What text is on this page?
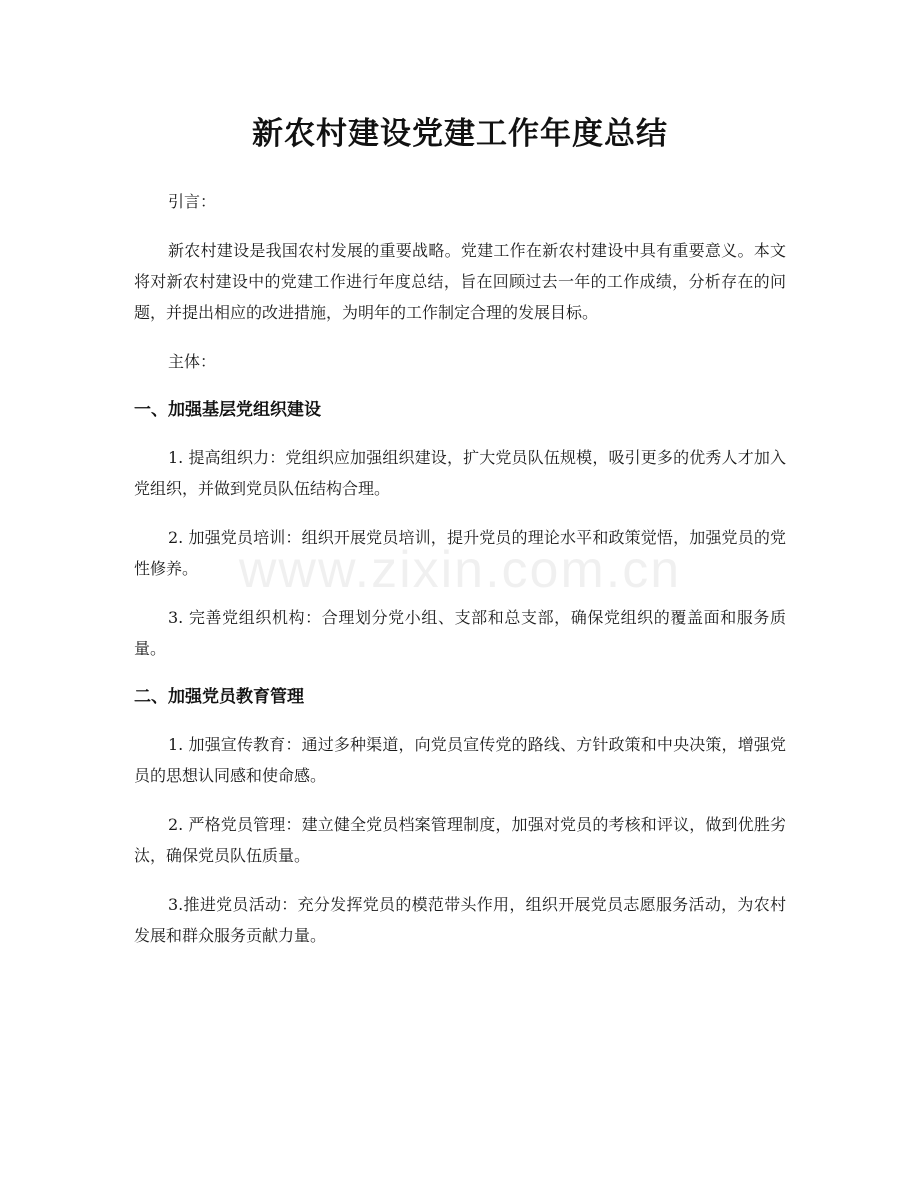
www.zixin.com.cn
新农村建设党建工作年度总结

引言：

新农村建设是我国农村发展的重要战略。党建工作在新农村建设中具有重要意义。本文将对新农村建设中的党建工作进行年度总结，旨在回顾过去一年的工作成绩，分析存在的问题，并提出相应的改进措施，为明年的工作制定合理的发展目标。

主体：

一、加强基层党组织建设

1. 提高组织力：党组织应加强组织建设，扩大党员队伍规模，吸引更多的优秀人才加入党组织，并做到党员队伍结构合理。

2. 加强党员培训：组织开展党员培训，提升党员的理论水平和政策觉悟，加强党员的党性修养。

3. 完善党组织机构：合理划分党小组、支部和总支部，确保党组织的覆盖面和服务质量。

二、加强党员教育管理

1. 加强宣传教育：通过多种渠道，向党员宣传党的路线、方针政策和中央决策，增强党员的思想认同感和使命感。

2. 严格党员管理：建立健全党员档案管理制度，加强对党员的考核和评议，做到优胜劣汰，确保党员队伍质量。

3.推进党员活动：充分发挥党员的模范带头作用，组织开展党员志愿服务活动，为农村发展和群众服务贡献力量。
